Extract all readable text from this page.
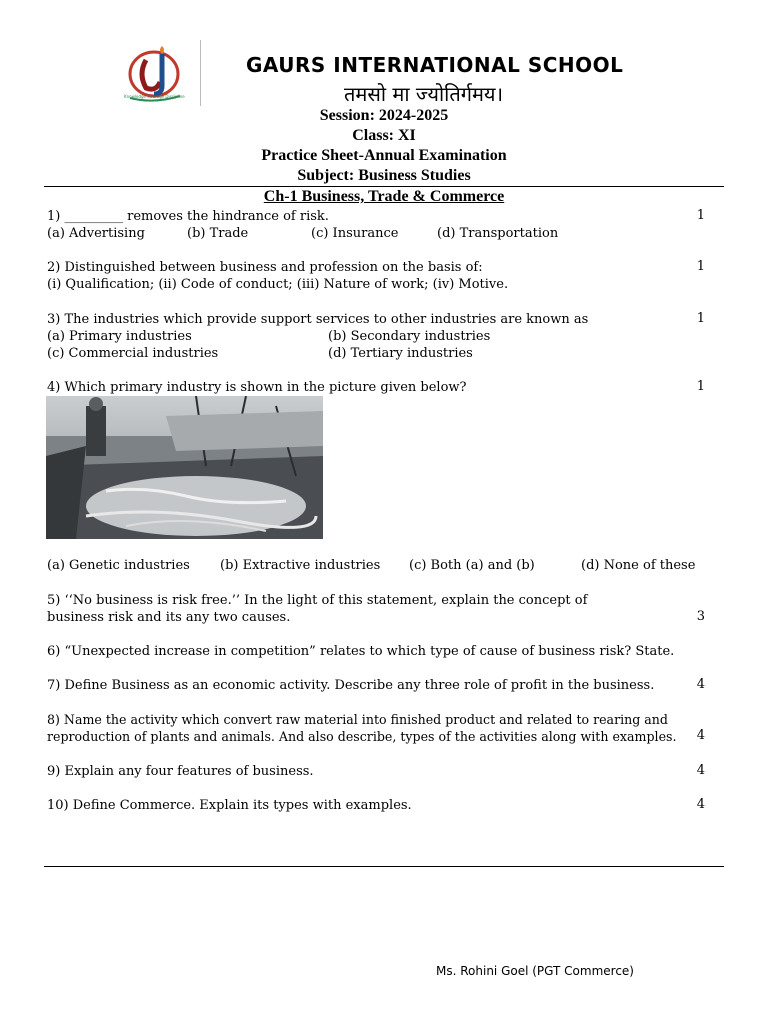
Knowledge Courage Discipline
GAURS INTERNATIONAL SCHOOL
तमसो मा ज्योतिर्गमय।
Session: 2024-2025
Class: XI
Practice Sheet-Annual Examination
Subject: Business Studies
Ch-1 Business, Trade & Commerce
1) _________ removes the hindrance of risk.	1
(a) Advertising	(b) Trade	(c) Insurance	(d) Transportation
2) Distinguished between business and profession on the basis of:	1
(i) Qualification; (ii) Code of conduct; (iii) Nature of work; (iv) Motive.
3) The industries which provide support services to other industries are known as	1
(a) Primary industries	(b) Secondary industries
(c) Commercial industries	(d) Tertiary industries
4) Which primary industry is shown in the picture given below?	1
(a) Genetic industries (b) Extractive industries (c) Both (a) and (b)	(d) None of these
5) ‘‘No business is risk free.’’ In the light of this statement, explain the concept of
business risk and its any two causes.	3
6) “Unexpected increase in competition” relates to which type of cause of business risk? State.
7) Define Business as an economic activity. Describe any three role of profit in the business.	4
8) Name the activity which convert raw material into finished product and related to rearing and
reproduction of plants and animals. And also describe, types of the activities along with examples. 4
9) Explain any four features of business.	4
10) Define Commerce. Explain its types with examples.	4
Ms. Rohini Goel (PGT Commerce)
